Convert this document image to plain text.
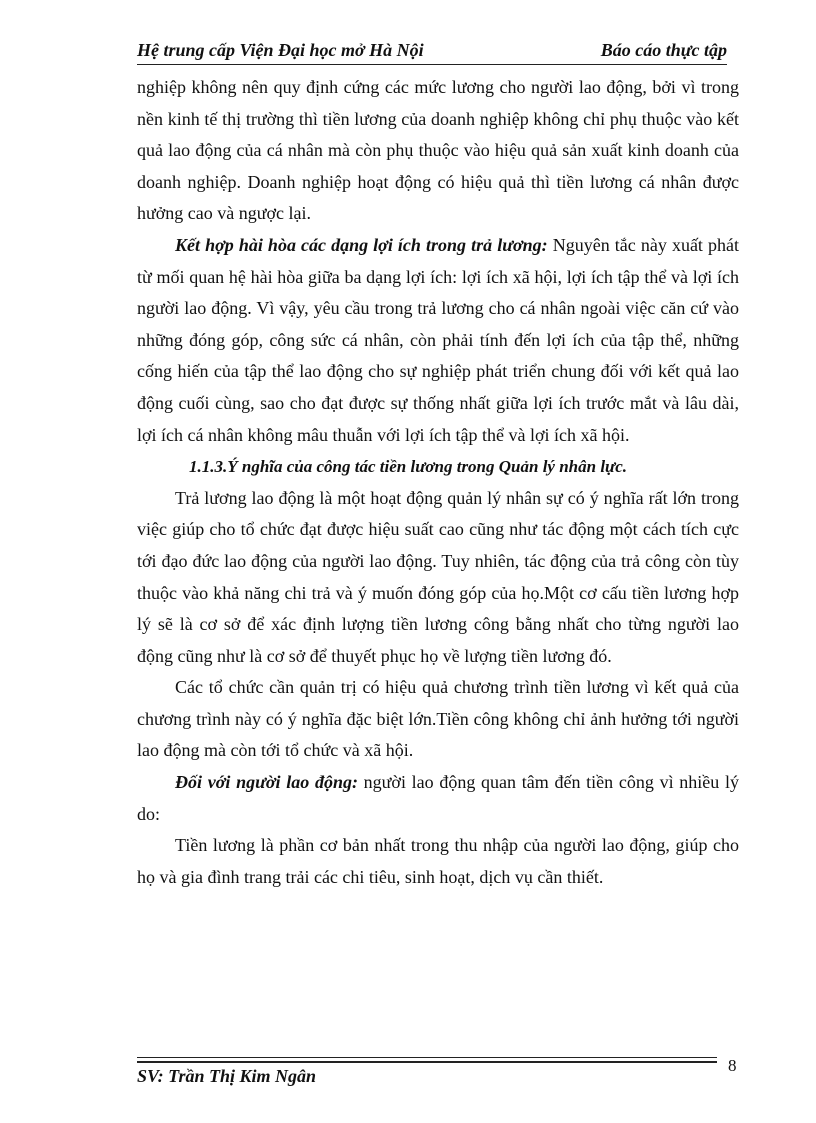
Hệ trung cấp Viện Đại học mở Hà Nội	Báo cáo thực tập

nghiệp không nên quy định cứng các mức lương cho người lao động, bởi vì trong nền kinh tế thị trường thì tiền lương của doanh nghiệp không chỉ phụ thuộc vào kết quả lao động của cá nhân mà còn phụ thuộc vào hiệu quả sản xuất kinh doanh của doanh nghiệp. Doanh nghiệp hoạt động có hiệu quả thì tiền lương cá nhân được hưởng cao và ngược lại.

Kết hợp hài hòa các dạng lợi ích trong trả lương: Nguyên tắc này xuất phát từ mối quan hệ hài hòa giữa ba dạng lợi ích: lợi ích xã hội, lợi ích tập thể và lợi ích người lao động. Vì vậy, yêu cầu trong trả lương cho cá nhân ngoài việc căn cứ vào những đóng góp, công sức cá nhân, còn phải tính đến lợi ích của tập thể, những cống hiến của tập thể lao động cho sự nghiệp phát triển chung đối với kết quả lao động cuối cùng, sao cho đạt được sự thống nhất giữa lợi ích trước mắt và lâu dài, lợi ích cá nhân không mâu thuẫn với lợi ích tập thể và lợi ích xã hội.

1.1.3.Ý nghĩa của công tác tiền lương trong Quản lý nhân lực.

Trả lương lao động là một hoạt động quản lý nhân sự có ý nghĩa rất lớn trong việc giúp cho tổ chức đạt được hiệu suất cao cũng như tác động một cách tích cực tới đạo đức lao động của người lao động. Tuy nhiên, tác động của trả công còn tùy thuộc vào khả năng chi trả và ý muốn đóng góp của họ.Một cơ cấu tiền lương hợp lý sẽ là cơ sở để xác định lượng tiền lương công bằng nhất cho từng người lao động cũng như là cơ sở để thuyết phục họ về lượng tiền lương đó.

Các tổ chức cần quản trị có hiệu quả chương trình tiền lương vì kết quả của chương trình này có ý nghĩa đặc biệt lớn.Tiền công không chỉ ảnh hưởng tới người lao động mà còn tới tổ chức và xã hội.

Đối với người lao động: người lao động quan tâm đến tiền công vì nhiều lý do:

Tiền lương là phần cơ bản nhất trong thu nhập của người lao động, giúp cho họ và gia đình trang trải các chi tiêu, sinh hoạt, dịch vụ cần thiết.

SV: Trần Thị Kim Ngân
8
